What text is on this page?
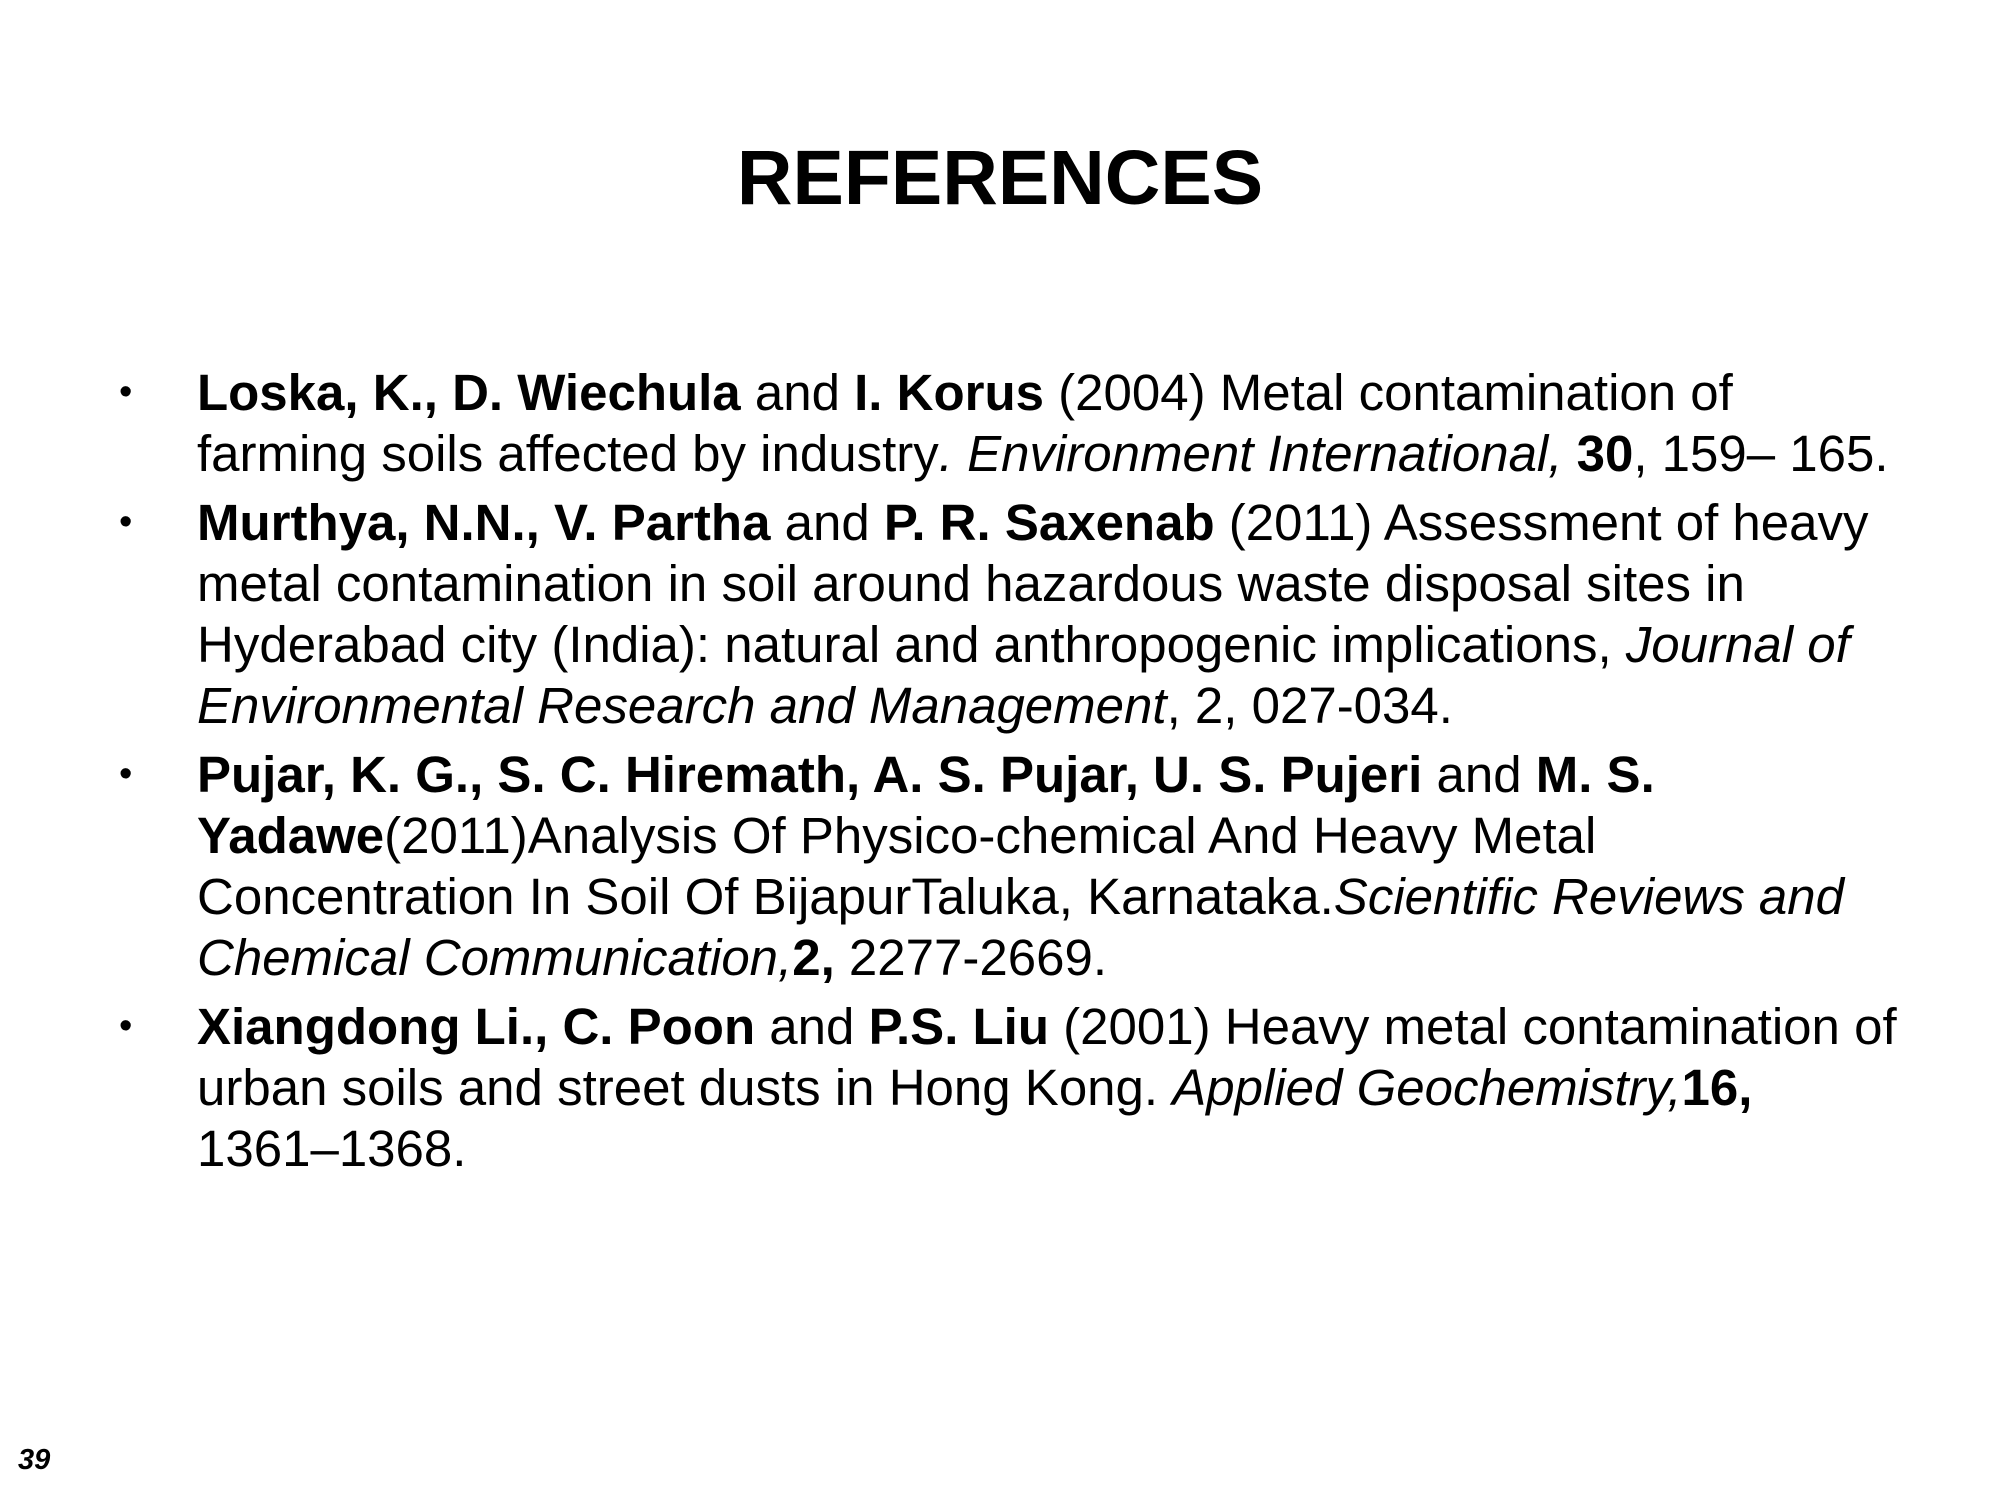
REFERENCES
• Loska, K., D. Wiechula and I. Korus (2004) Metal contamination of farming soils affected by industry. Environment International, 30, 159– 165.
• Murthya, N.N., V. Partha and P. R. Saxenab (2011) Assessment of heavy metal contamination in soil around hazardous waste disposal sites in Hyderabad city (India): natural and anthropogenic implications, Journal of Environmental Research and Management, 2, 027-034.
• Pujar, K. G., S. C. Hiremath, A. S. Pujar, U. S. Pujeri and M. S. Yadawe(2011)Analysis Of Physico-chemical And Heavy Metal Concentration In Soil Of BijapurTaluka, Karnataka.Scientific Reviews and Chemical Communication,2, 2277-2669.
• Xiangdong Li., C. Poon and P.S. Liu (2001) Heavy metal contamination of urban soils and street dusts in Hong Kong. Applied Geochemistry,16, 1361–1368.
39
